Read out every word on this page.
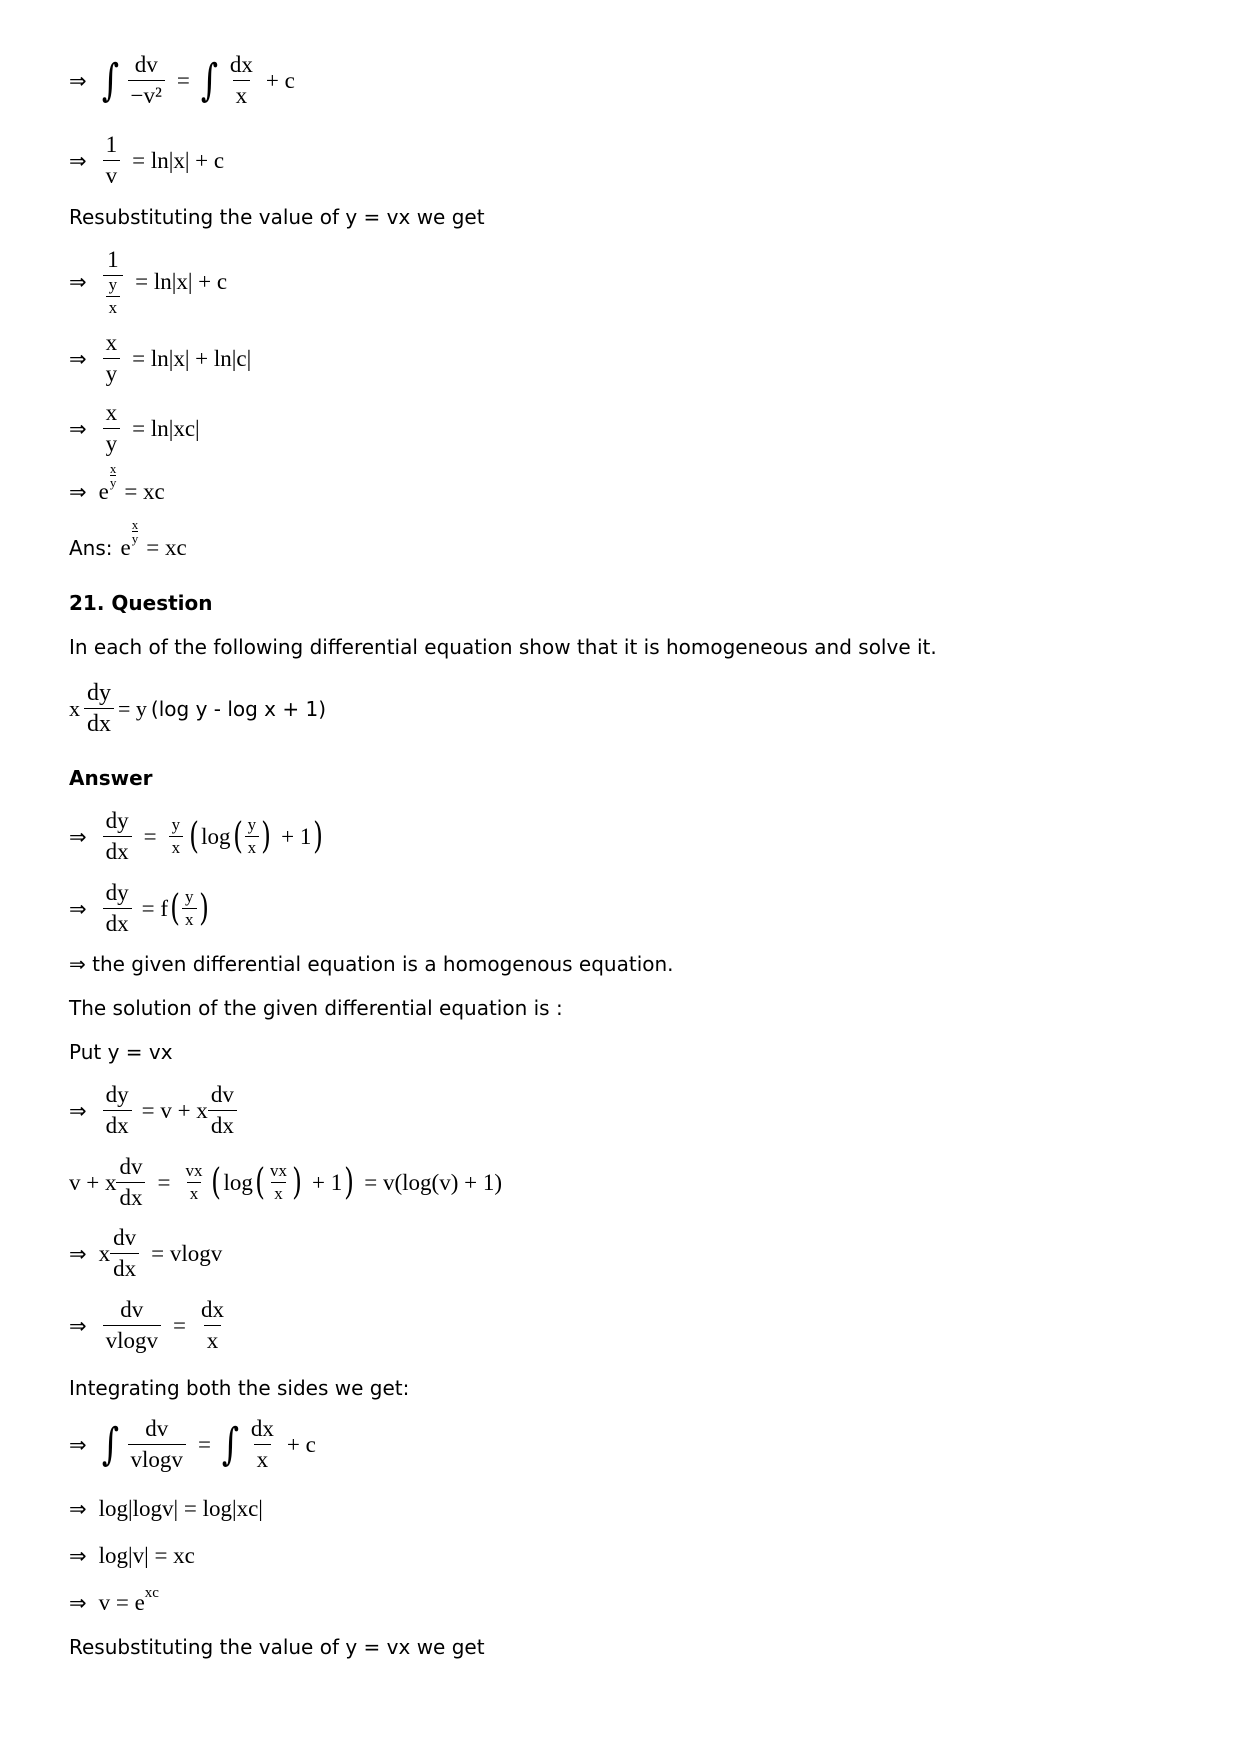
⇒ ∫ $\frac{dv}{\text{−v²}}$ = ∫ $\frac{dx}{x} + c$
⇒ $\frac{1}{v} = \ln|x| + c$
Resubstituting the value of y = vx we get
⇒ $\frac{1}{\frac{y}{x}} = \ln|x| + c$
⇒ $\frac{x}{y} = \ln|x| + \ln|c|$
⇒ $\frac{x}{y} = \ln|xc|$
⇒ e
$\frac{x}{y}$
= xc
Ans: e
$\frac{x}{y}$
= xc
21. Question
In each of the following differential equation show that it is homogeneous and solve it.
x $\frac{dy}{dx} = y$ (log y - log x + 1)
Answer
⇒ $\frac{dy}{dx} = \frac{y}{x}$ ( log ( $\frac{y}{x}$ ) + 1 )
⇒ $\frac{dy}{dx} = f$ ( $\frac{y}{x}$ )
⇒ the given differential equation is a homogenous equation.
The solution of the given differential equation is :
Put y = vx
⇒ $\frac{dy}{dx} = v + x \frac{dv}{dx}$
v + x $\frac{dv}{dx} = \frac{vx}{x}$ ( log ( $\frac{vx}{x}$ ) + 1 ) = v(log(v) + 1)
⇒ x $\frac{dv}{dx} = vlogv$
⇒ $\frac{dv}{vlogv} = \frac{dx}{x}$
Integrating both the sides we get:
⇒ ∫ $\frac{dv}{vlogv}$ = ∫ $\frac{dx}{x} + c$
⇒ log|logv| = log|xc|
⇒ log|v| = xc
⇒ v = e xc
Resubstituting the value of y = vx we get
